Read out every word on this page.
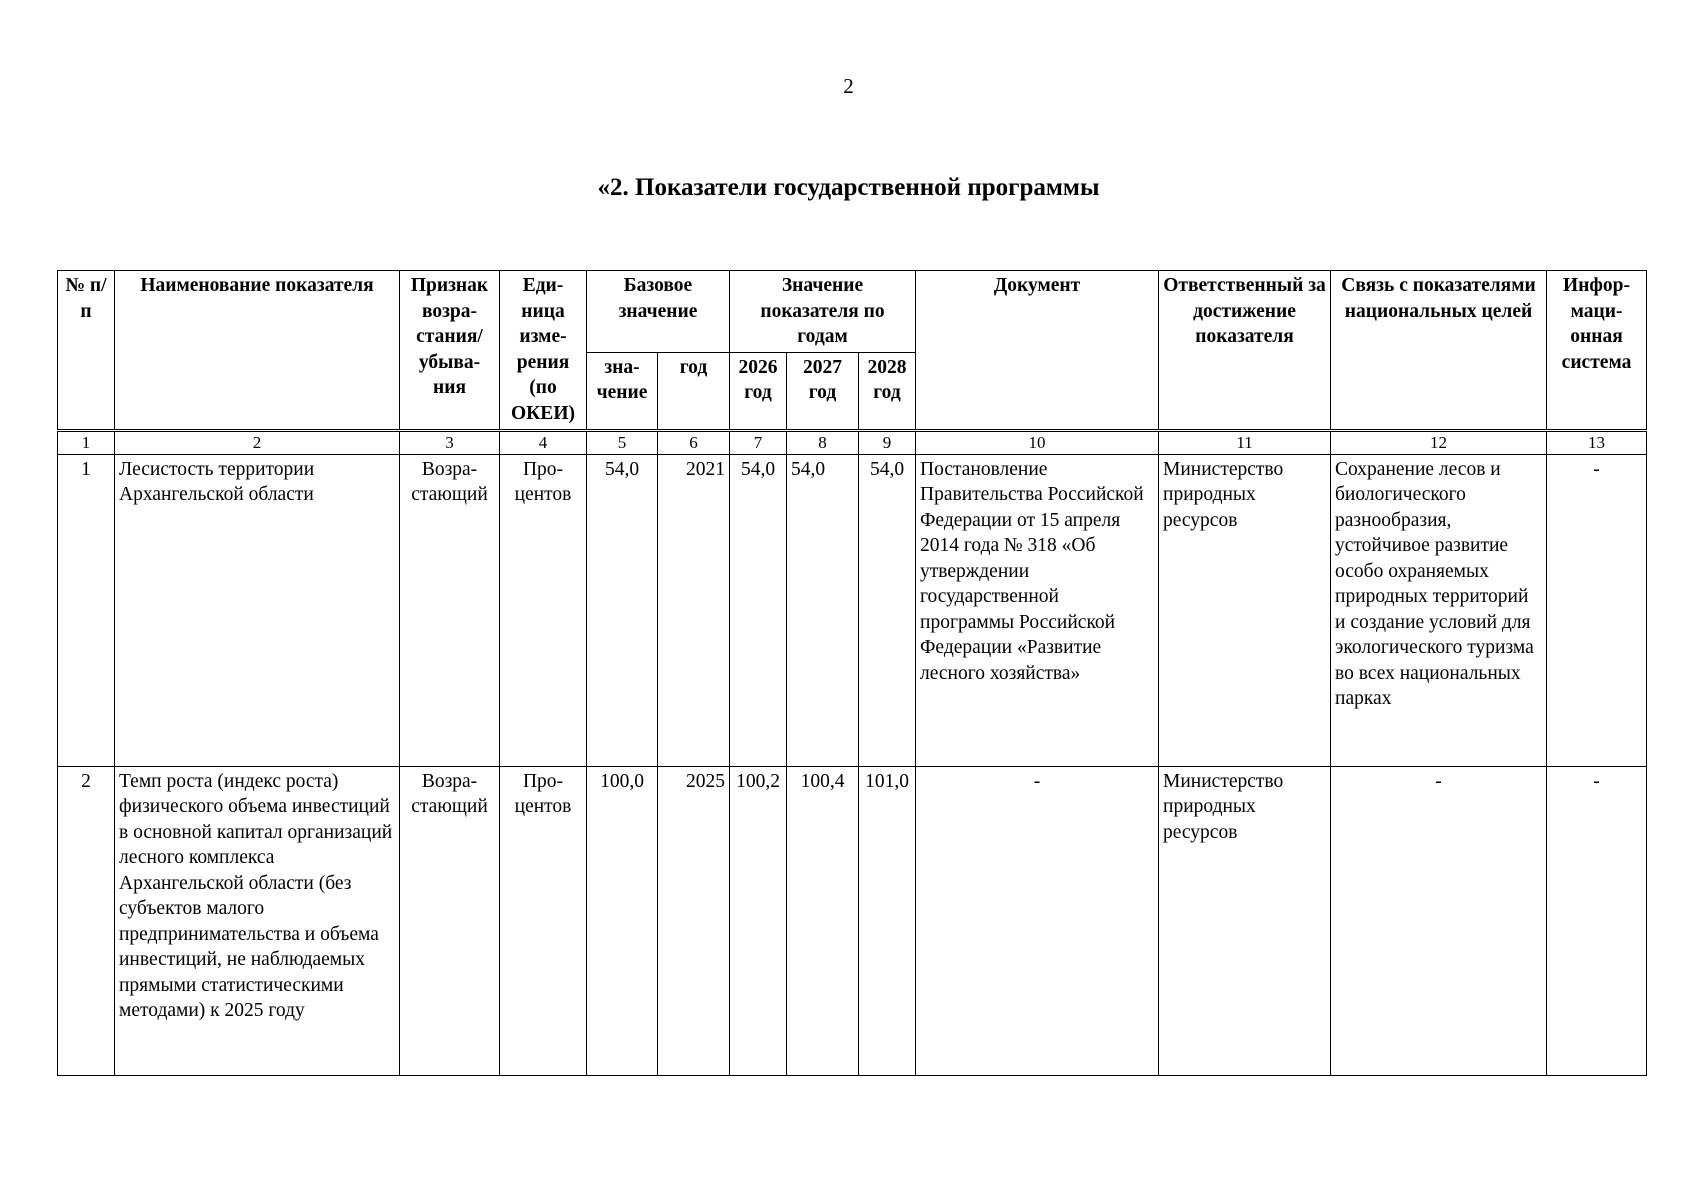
2
«2. Показатели государственной программы
№ п/п	Наименование показателя	Признак возра-стания/ убыва-ния	Еди-ница изме-рения (по ОКЕИ)	Базовое значение		Значение показателя по годам			Документ	Ответственный за достижение показателя	Связь с показателями национальных целей	Инфор-маци-онная система
				зна-чение	год	2026 год	2027 год	2028 год				
1	2	3	4	5	6	7	8	9	10	11	12	13
1	Лесистость территории Архангельской области	Возра-стающий	Про-центов	54,0	2021	54,0	54,0	54,0	Постановление Правительства Российской Федерации от 15 апреля 2014 года № 318 «Об утверждении государственной программы Российской Федерации «Развитие лесного хозяйства»	Министерство природных ресурсов	Сохранение лесов и биологического разнообразия, устойчивое развитие особо охраняемых природных территорий и создание условий для экологического туризма во всех национальных парках	-
2	Темп роста (индекс роста) физического объема инвестиций в основной капитал организаций лесного комплекса Архангельской области (без субъектов малого предпринимательства и объема инвестиций, не наблюдаемых прямыми статистическими методами) к 2025 году	Возра-стающий	Про-центов	100,0	2025	100,2	100,4	101,0	-	Министерство природных ресурсов	-	-
